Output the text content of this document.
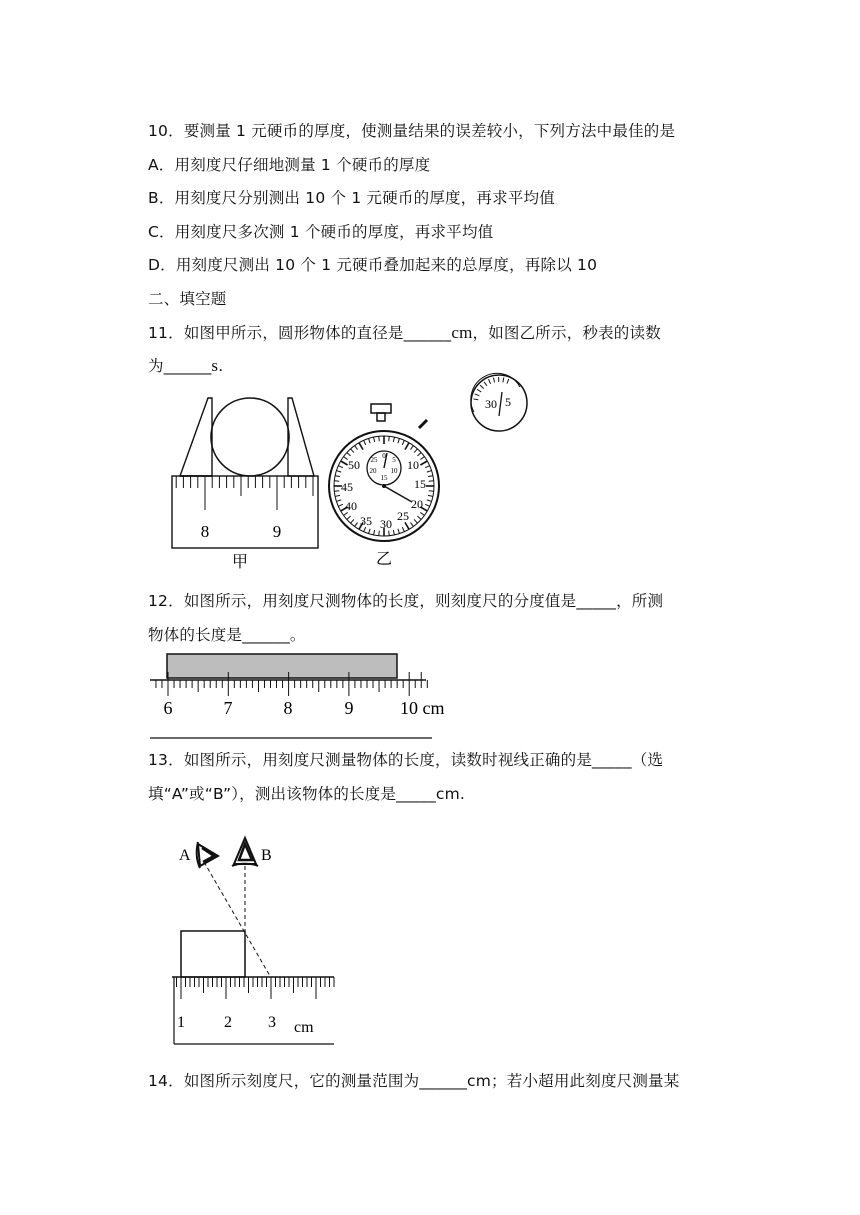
10．要测量 1 元硬币的厚度，使测量结果的误差较小，下列方法中最佳的是
A．用刻度尺仔细地测量 1 个硬币的厚度
B．用刻度尺分别测出 10 个 1 元硬币的厚度，再求平均值
C．用刻度尺多次测 1 个硬币的厚度，再求平均值
D．用刻度尺测出 10 个 1 元硬币叠加起来的总厚度，再除以 10
二、填空题
11．如图甲所示，圆形物体的直径是______cm，如图乙所示，秒表的读数
为______s.
8	9
甲
50	10
45	15
40	20
35 30
25
0
25 5
20 10
15
乙
30 5
12．如图所示，用刻度尺测物体的长度，则刻度尺的分度值是_____，所测
物体的长度是______。
6	7	8	9	10 cm
13．如图所示，用刻度尺测量物体的长度，读数时视线正确的是_____（选
填“A”或“B”），测出该物体的长度是_____cm.
A	B
1 2 3 cm
14．如图所示刻度尺，它的测量范围为______cm；若小超用此刻度尺测量某
